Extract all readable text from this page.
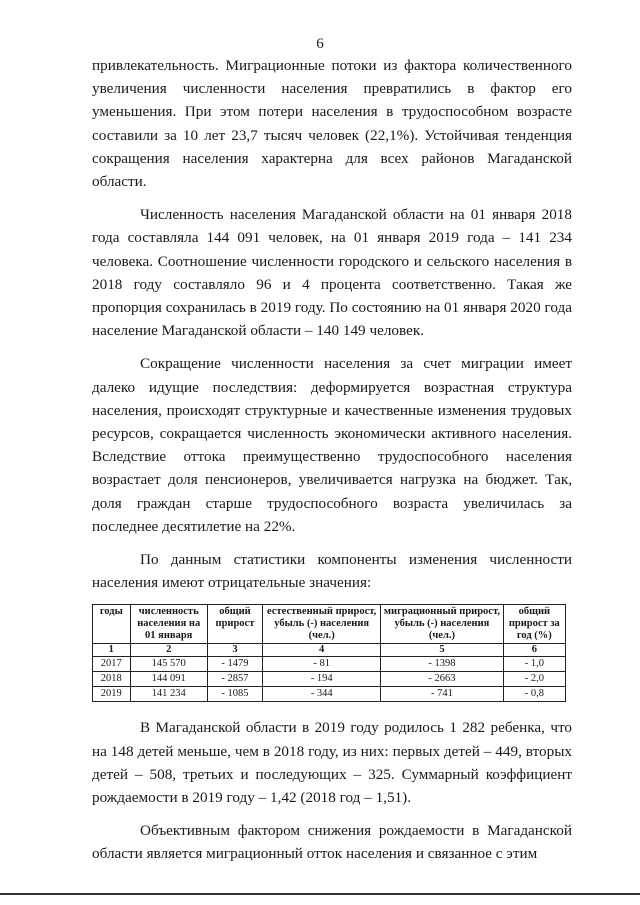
6

привлекательность. Миграционные потоки из фактора количественного увеличения численности населения превратились в фактор его уменьшения. При этом потери населения в трудоспособном возрасте составили за 10 лет 23,7 тысяч человек (22,1%). Устойчивая тенденция сокращения населения характерна для всех районов Магаданской области.

Численность населения Магаданской области на 01 января 2018 года составляла 144 091 человек, на 01 января 2019 года – 141 234 человека. Соотношение численности городского и сельского населения в 2018 году составляло 96 и 4 процента соответственно. Такая же пропорция сохранилась в 2019 году. По состоянию на 01 января 2020 года население Магаданской области – 140 149 человек.

Сокращение численности населения за счет миграции имеет далеко идущие последствия: деформируется возрастная структура населения, происходят структурные и качественные изменения трудовых ресурсов, сокращается численность экономически активного населения. Вследствие оттока преимущественно трудоспособного населения возрастает доля пенсионеров, увеличивается нагрузка на бюджет. Так, доля граждан старше трудоспособного возраста увеличилась за последнее десятилетие на 22%.

По данным статистики компоненты изменения численности населения имеют отрицательные значения:

годы	численность населения на 01 января	общий прирост	естественный прирост, убыль (-) населения (чел.)	миграционный прирост, убыль (-) населения (чел.)	общий прирост за год (%)
1	2	3	4	5	6
2017	145 570	- 1479	- 81	- 1398	- 1,0
2018	144 091	- 2857	- 194	- 2663	- 2,0
2019	141 234	- 1085	- 344	- 741	- 0,8

В Магаданской области в 2019 году родилось 1 282 ребенка, что на 148 детей меньше, чем в 2018 году, из них: первых детей – 449, вторых детей – 508, третьих и последующих – 325. Суммарный коэффициент рождаемости в 2019 году – 1,42 (2018 год – 1,51).

Объективным фактором снижения рождаемости в Магаданской области является миграционный отток населения и связанное с этим
